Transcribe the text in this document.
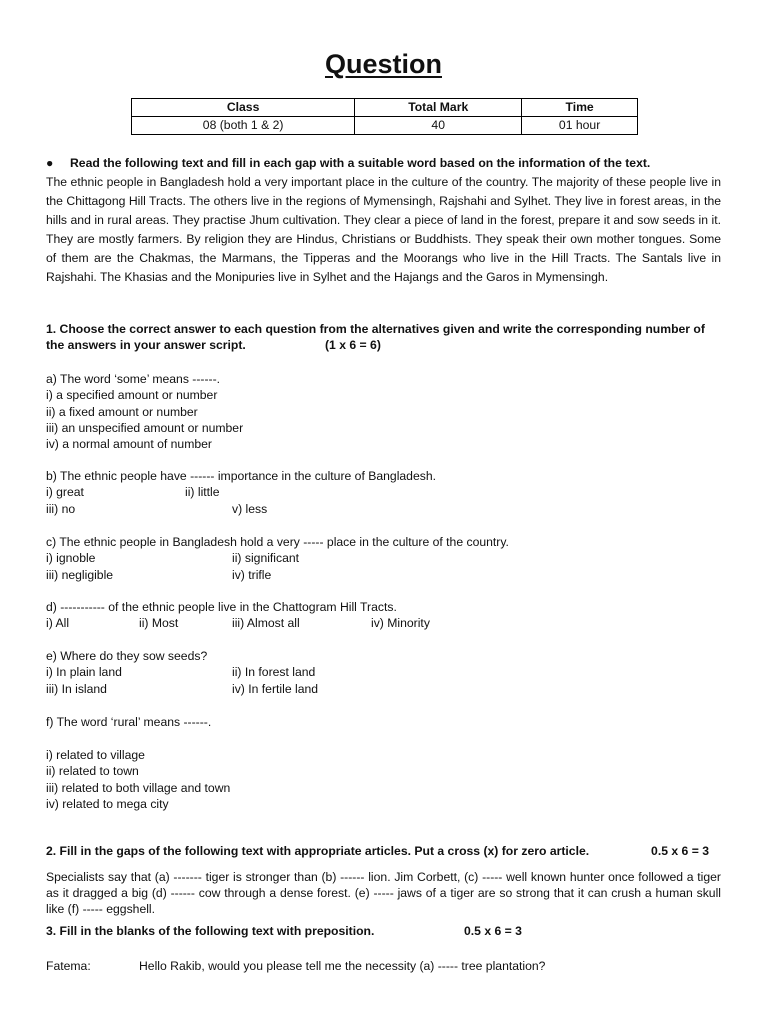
Question
Class	Total Mark	Time
08 (both 1 & 2)	40	01 hour
● Read the following text and fill in each gap with a suitable word based on the information of the text.
The ethnic people in Bangladesh hold a very important place in the culture of the country. The majority of these people live in the Chittagong Hill Tracts. The others live in the regions of Mymensingh, Rajshahi and Sylhet. They live in forest areas, in the hills and in rural areas. They practise Jhum cultivation. They clear a piece of land in the forest, prepare it and sow seeds in it. They are mostly farmers. By religion they are Hindus, Christians or Buddhists. They speak their own mother tongues. Some of them are the Chakmas, the Marmans, the Tipperas and the Moorangs who live in the Hill Tracts. The Santals live in Rajshahi. The Khasias and the Monipuries live in Sylhet and the Hajangs and the Garos in Mymensingh.
1. Choose the correct answer to each question from the alternatives given and write the corresponding number of
the answers in your answer script.	(1 x 6 = 6)
a) The word ‘some’ means ------.
i) a specified amount or number
ii) a fixed amount or number
iii) an unspecified amount or number
iv) a normal amount of number
b) The ethnic people have ------ importance in the culture of Bangladesh.
i) great	ii) little
iii) no	v) less
c) The ethnic people in Bangladesh hold a very ----- place in the culture of the country.
i) ignoble	ii) significant
iii) negligible	iv) trifle
d) ----------- of the ethnic people live in the Chattogram Hill Tracts.
i) All	ii) Most	iii) Almost all	iv) Minority
e) Where do they sow seeds?
i) In plain land	ii) In forest land
iii) In island	iv) In fertile land
f) The word ‘rural’ means ------.
i) related to village
ii) related to town
iii) related to both village and town
iv) related to mega city
2. Fill in the gaps of the following text with appropriate articles. Put a cross (x) for zero article.	0.5 x 6 = 3
Specialists say that (a) ------- tiger is stronger than (b) ------ lion. Jim Corbett, (c) ----- well known hunter once followed a tiger as it dragged a big (d) ------ cow through a dense forest. (e) ----- jaws of a tiger are so strong that it can crush a human skull like (f) ----- eggshell.
3. Fill in the blanks of the following text with preposition.	0.5 x 6 = 3
Fatema:	Hello Rakib, would you please tell me the necessity (a) ----- tree plantation?
